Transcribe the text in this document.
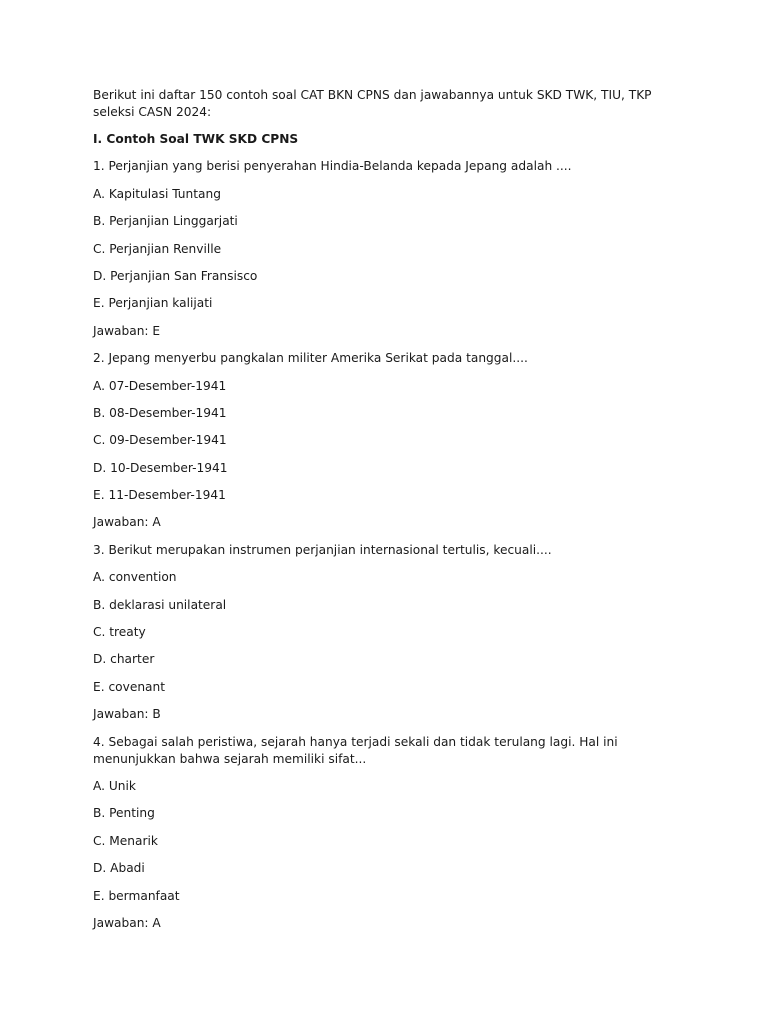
Berikut ini daftar 150 contoh soal CAT BKN CPNS dan jawabannya untuk SKD TWK, TIU, TKP seleksi CASN 2024:
I. Contoh Soal TWK SKD CPNS
1. Perjanjian yang berisi penyerahan Hindia-Belanda kepada Jepang adalah ....
A. Kapitulasi Tuntang
B. Perjanjian Linggarjati
C. Perjanjian Renville
D. Perjanjian San Fransisco
E. Perjanjian kalijati
Jawaban: E
2. Jepang menyerbu pangkalan militer Amerika Serikat pada tanggal....
A. 07-Desember-1941
B. 08-Desember-1941
C. 09-Desember-1941
D. 10-Desember-1941
E. 11-Desember-1941
Jawaban: A
3. Berikut merupakan instrumen perjanjian internasional tertulis, kecuali....
A. convention
B. deklarasi unilateral
C. treaty
D. charter
E. covenant
Jawaban: B
4. Sebagai salah peristiwa, sejarah hanya terjadi sekali dan tidak terulang lagi. Hal ini menunjukkan bahwa sejarah memiliki sifat...
A. Unik
B. Penting
C. Menarik
D. Abadi
E. bermanfaat
Jawaban: A
